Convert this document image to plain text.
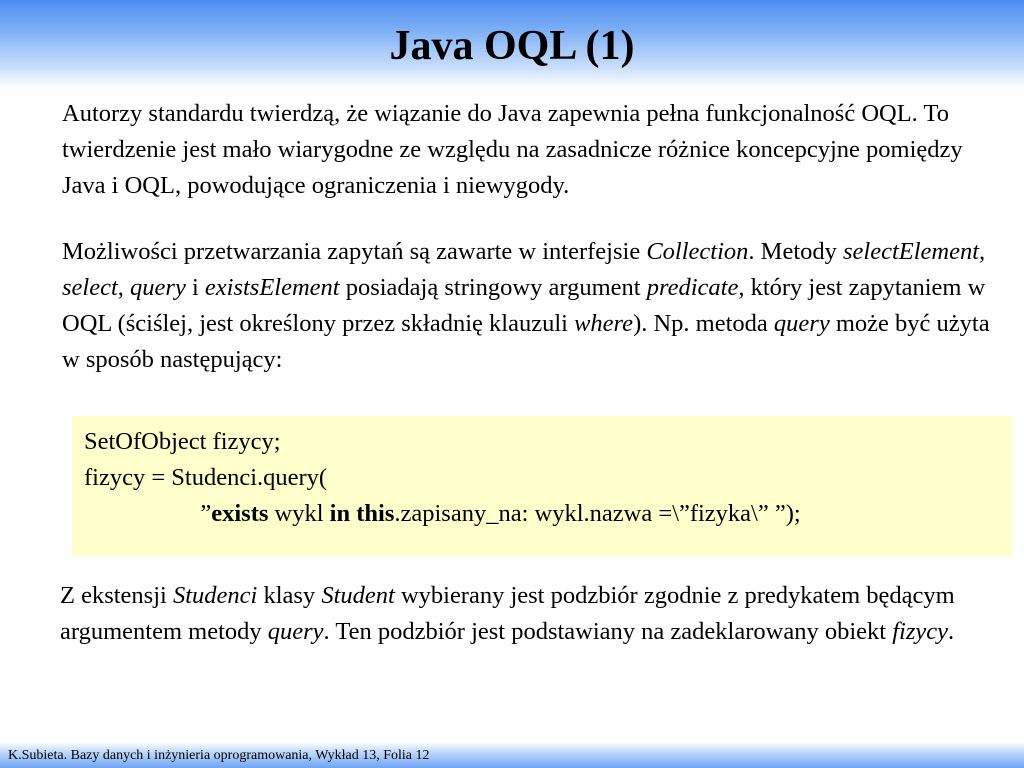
Java OQL (1)
Autorzy standardu twierdzą, że wiązanie do Java zapewnia pełna funkcjonalność OQL. To twierdzenie jest mało wiarygodne ze względu na zasadnicze różnice koncepcyjne pomiędzy Java i OQL, powodujące ograniczenia i niewygody.
Możliwości przetwarzania zapytań są zawarte w interfejsie Collection. Metody selectElement, select, query i existsElement posiadają stringowy argument predicate, który jest zapytaniem w OQL (ściślej, jest określony przez składnię klauzuli where). Np. metoda query może być użyta w sposób następujący:
SetOfObject fizycy;
fizycy = Studenci.query(
”exists wykl in this.zapisany_na: wykl.nazwa =\”fizyka\” ”);
Z ekstensji Studenci klasy Student wybierany jest podzbiór zgodnie z predykatem będącym argumentem metody query. Ten podzbiór jest podstawiany na zadeklarowany obiekt fizycy.
K.Subieta. Bazy danych i inżynieria oprogramowania, Wykład 13, Folia 12
